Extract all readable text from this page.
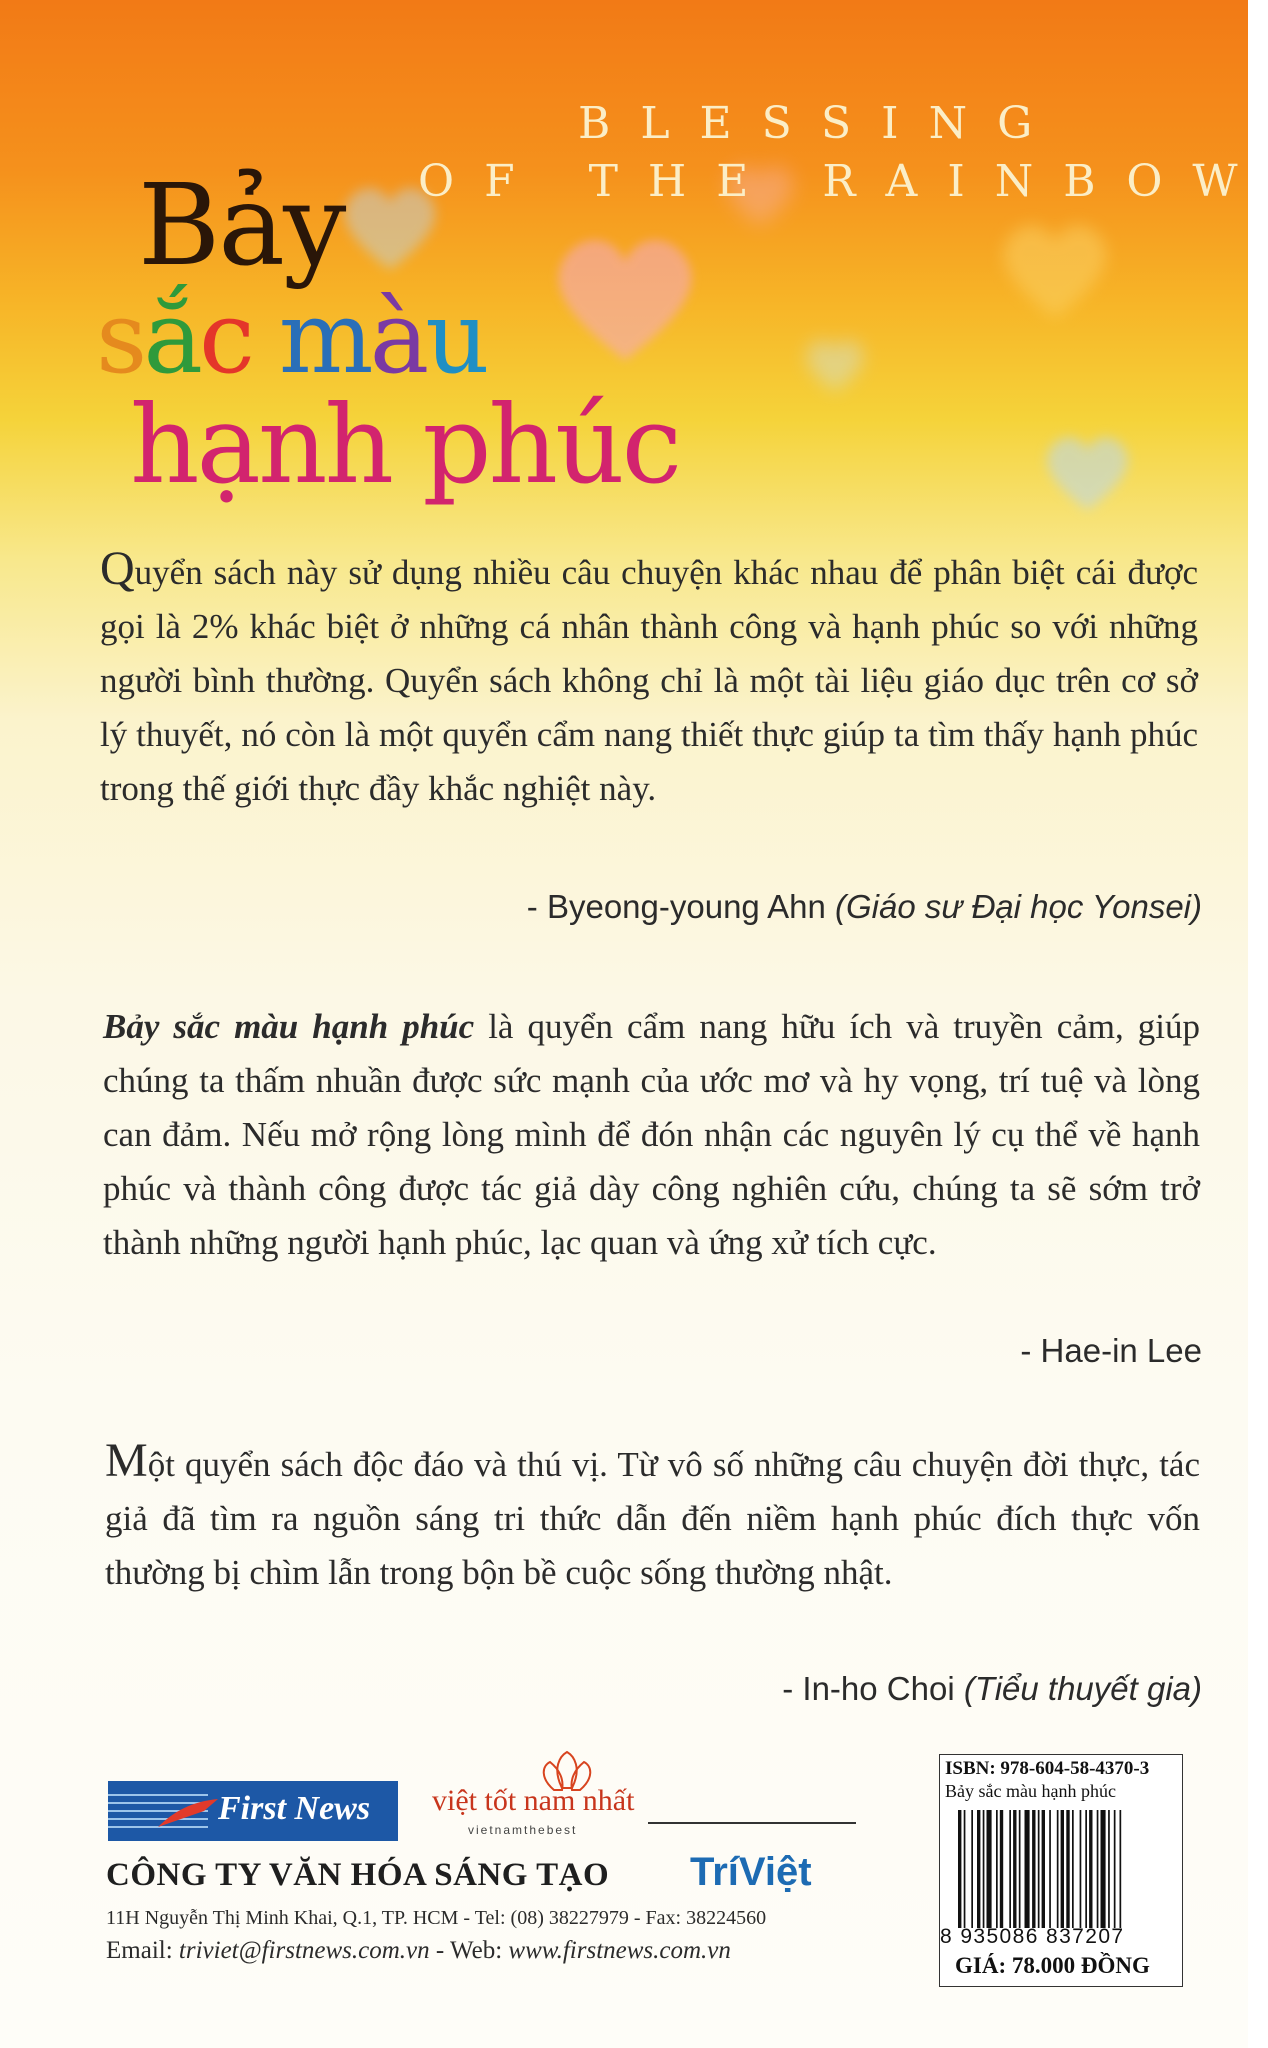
BLESSING
OF THE RAINBOW
Bảy
sắc màu
hạnh phúc
Quyển sách này sử dụng nhiều câu chuyện khác nhau để phân biệt cái được gọi là 2% khác biệt ở những cá nhân thành công và hạnh phúc so với những người bình thường. Quyển sách không chỉ là một tài liệu giáo dục trên cơ sở lý thuyết, nó còn là một quyển cẩm nang thiết thực giúp ta tìm thấy hạnh phúc trong thế giới thực đầy khắc nghiệt này.
- Byeong-young Ahn (Giáo sư Đại học Yonsei)
Bảy sắc màu hạnh phúc là quyển cẩm nang hữu ích và truyền cảm, giúp chúng ta thấm nhuần được sức mạnh của ước mơ và hy vọng, trí tuệ và lòng can đảm. Nếu mở rộng lòng mình để đón nhận các nguyên lý cụ thể về hạnh phúc và thành công được tác giả dày công nghiên cứu, chúng ta sẽ sớm trở thành những người hạnh phúc, lạc quan và ứng xử tích cực.
- Hae-in Lee
Một quyển sách độc đáo và thú vị. Từ vô số những câu chuyện đời thực, tác giả đã tìm ra nguồn sáng tri thức dẫn đến niềm hạnh phúc đích thực vốn thường bị chìm lẫn trong bộn bề cuộc sống thường nhật.
- In-ho Choi (Tiểu thuyết gia)
First News việt tốt nam nhất
vietnamthebest
CÔNG TY VĂN HÓA SÁNG TẠO TríViệt
11H Nguyễn Thị Minh Khai, Q.1, TP. HCM - Tel: (08) 38227979 - Fax: 38224560
Email: triviet@firstnews.com.vn - Web: www.firstnews.com.vn
ISBN: 978-604-58-4370-3
Bảy sắc màu hạnh phúc
8 935086 837207
GIÁ: 78.000 ĐỒNG
